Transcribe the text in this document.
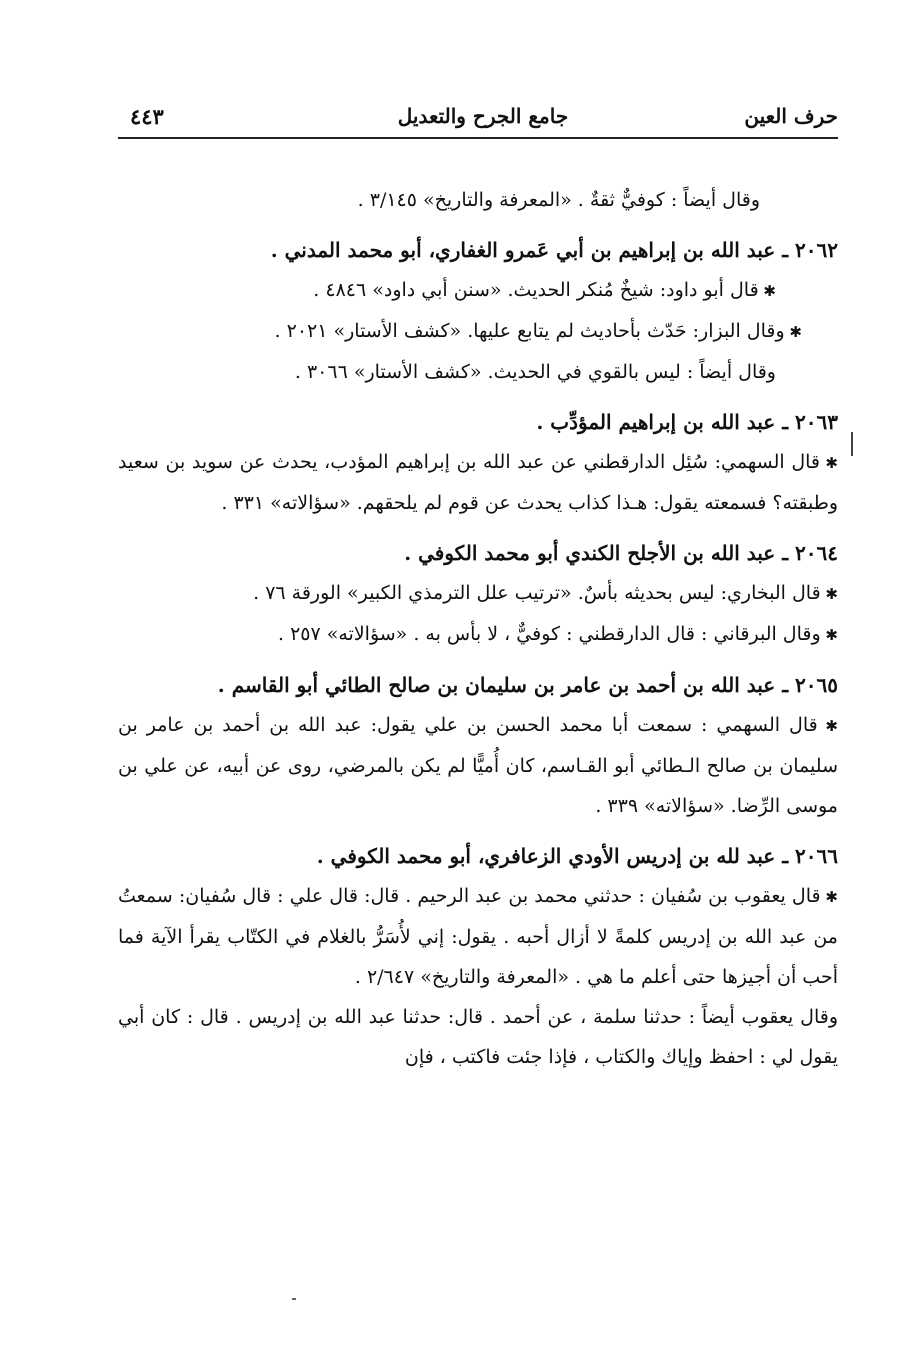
٤٤٣	جامع الجرح والتعديل	حرف العين

وقال أيضاً : كوفيٌّ ثقةٌ . «المعرفة والتاريخ» ٣/١٤٥ .

٢٠٦٢ ـ عبد الله بن إبراهيم بن أبي عَمرو الغفاري، أبو محمد المدني .

✱ قال أبو داود: شيخٌ مُنكر الحديث. «سنن أبي داود» ٤٨٤٦ .

✱ وقال البزار: حَدّث بأحاديث لم يتابع عليها. «كشف الأستار» ٢٠٢١ .

وقال أيضاً : ليس بالقوي في الحديث. «كشف الأستار» ٣٠٦٦ .

٢٠٦٣ ـ عبد الله بن إبراهيم المؤدِّب .

✱ قال السهمي: سُئِل الدارقطني عن عبد الله بن إبراهيم المؤدب، يحدث عن سويد بن سعيد وطبقته؟ فسمعته يقول: هـذا كذاب يحدث عن قوم لم يلحقهم. «سؤالاته» ٣٣١ .

٢٠٦٤ ـ عبد الله بن الأجلح الكندي أبو محمد الكوفي .

✱ قال البخاري: ليس بحديثه بأسٌ. «ترتيب علل الترمذي الكبير» الورقة ٧٦ .

✱ وقال البرقاني : قال الدارقطني : كوفيٌّ ، لا بأس به . «سؤالاته» ٢٥٧ .

٢٠٦٥ ـ عبد الله بن أحمد بن عامر بن سليمان بن صالح الطائي أبو القاسم .

✱ قال السهمي : سمعت أبا محمد الحسن بن علي يقول: عبد الله بن أحمد بن عامر بن سليمان بن صالح الـطائي أبو القـاسم، كان أُميًّا لم يكن بالمرضي، روى عن أبيه، عن علي بن موسى الرِّضا. «سؤالاته» ٣٣٩ .

٢٠٦٦ ـ عبد لله بن إدريس الأودي الزعافري، أبو محمد الكوفي .

✱ قال يعقوب بن سُفيان : حدثني محمد بن عبد الرحيم . قال: قال علي : قال سُفيان: سمعتُ من عبد الله بن إدريس كلمةً لا أزال أحبه . يقول: إني لأُسَرُّ بالغلام في الكتّاب يقرأ الآية فما أحب أن أجيزها حتى أعلم ما هي . «المعرفة والتاريخ» ٢/٦٤٧ .

وقال يعقوب أيضاً : حدثنا سلمة ، عن أحمد . قال: حدثنا عبد الله بن إدريس . قال : كان أبي يقول لي : احفظ وإياك والكتاب ، فإذا جئت فاكتب ، فإن
